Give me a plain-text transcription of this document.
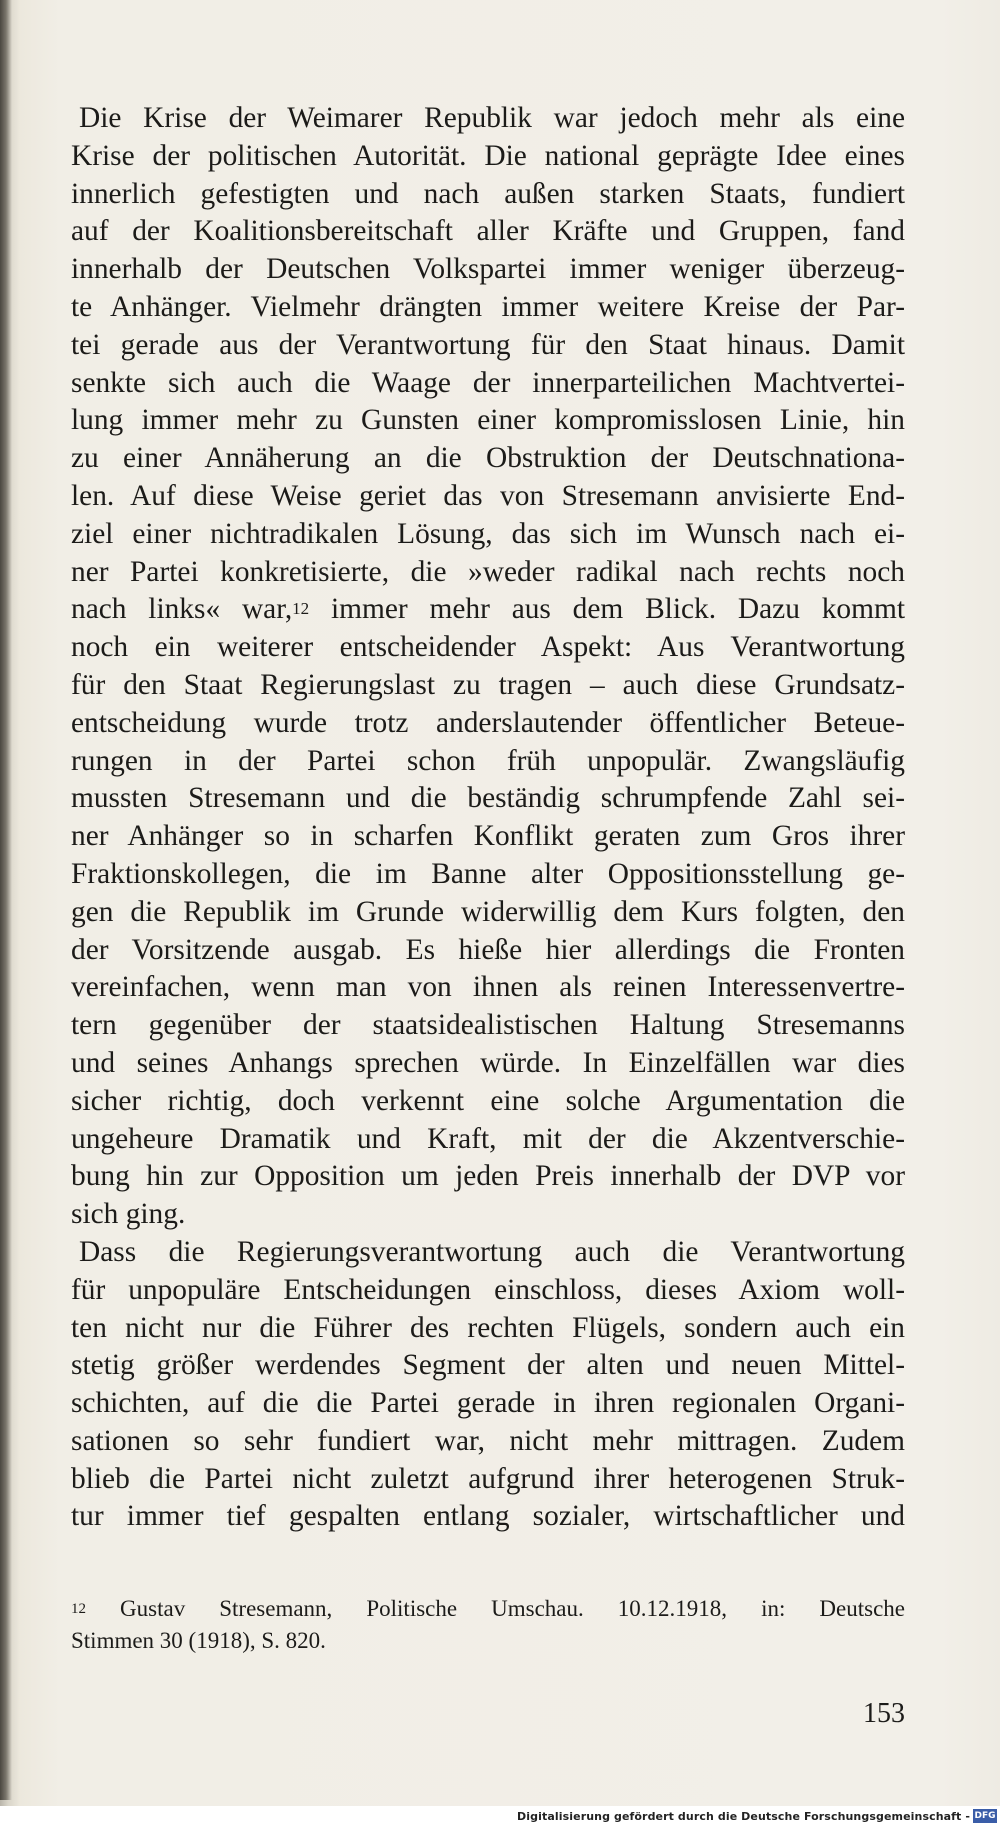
Die Krise der Weimarer Republik war jedoch mehr als eine
Krise der politischen Autorität. Die national geprägte Idee eines
innerlich gefestigten und nach außen starken Staats, fundiert
auf der Koalitionsbereitschaft aller Kräfte und Gruppen, fand
innerhalb der Deutschen Volkspartei immer weniger überzeug-
te Anhänger. Vielmehr drängten immer weitere Kreise der Par-
tei gerade aus der Verantwortung für den Staat hinaus. Damit
senkte sich auch die Waage der innerparteilichen Machtvertei-
lung immer mehr zu Gunsten einer kompromisslosen Linie, hin
zu einer Annäherung an die Obstruktion der Deutschnationa-
len. Auf diese Weise geriet das von Stresemann anvisierte End-
ziel einer nichtradikalen Lösung, das sich im Wunsch nach ei-
ner Partei konkretisierte, die »weder radikal nach rechts noch
nach links« war,$^{12}$ immer mehr aus dem Blick. Dazu kommt
noch ein weiterer entscheidender Aspekt: Aus Verantwortung
für den Staat Regierungslast zu tragen – auch diese Grundsatz-
entscheidung wurde trotz anderslautender öffentlicher Beteue-
rungen in der Partei schon früh unpopulär. Zwangsläufig
mussten Stresemann und die beständig schrumpfende Zahl sei-
ner Anhänger so in scharfen Konflikt geraten zum Gros ihrer
Fraktionskollegen, die im Banne alter Oppositionsstellung ge-
gen die Republik im Grunde widerwillig dem Kurs folgten, den
der Vorsitzende ausgab. Es hieße hier allerdings die Fronten
vereinfachen, wenn man von ihnen als reinen Interessenvertre-
tern gegenüber der staatsidealistischen Haltung Stresemanns
und seines Anhangs sprechen würde. In Einzelfällen war dies
sicher richtig, doch verkennt eine solche Argumentation die
ungeheure Dramatik und Kraft, mit der die Akzentverschie-
bung hin zur Opposition um jeden Preis innerhalb der DVP vor
sich ging.
Dass die Regierungsverantwortung auch die Verantwortung
für unpopuläre Entscheidungen einschloss, dieses Axiom woll-
ten nicht nur die Führer des rechten Flügels, sondern auch ein
stetig größer werdendes Segment der alten und neuen Mittel-
schichten, auf die die Partei gerade in ihren regionalen Organi-
sationen so sehr fundiert war, nicht mehr mittragen. Zudem
blieb die Partei nicht zuletzt aufgrund ihrer heterogenen Struk-
tur immer tief gespalten entlang sozialer, wirtschaftlicher und
$^{12}$ Gustav Stresemann, Politische Umschau. 10.12.1918, in: Deutsche
Stimmen 30 (1918), S. 820.
153
Digitalisierung gefördert durch die Deutsche Forschungsgemeinschaft - DFG
